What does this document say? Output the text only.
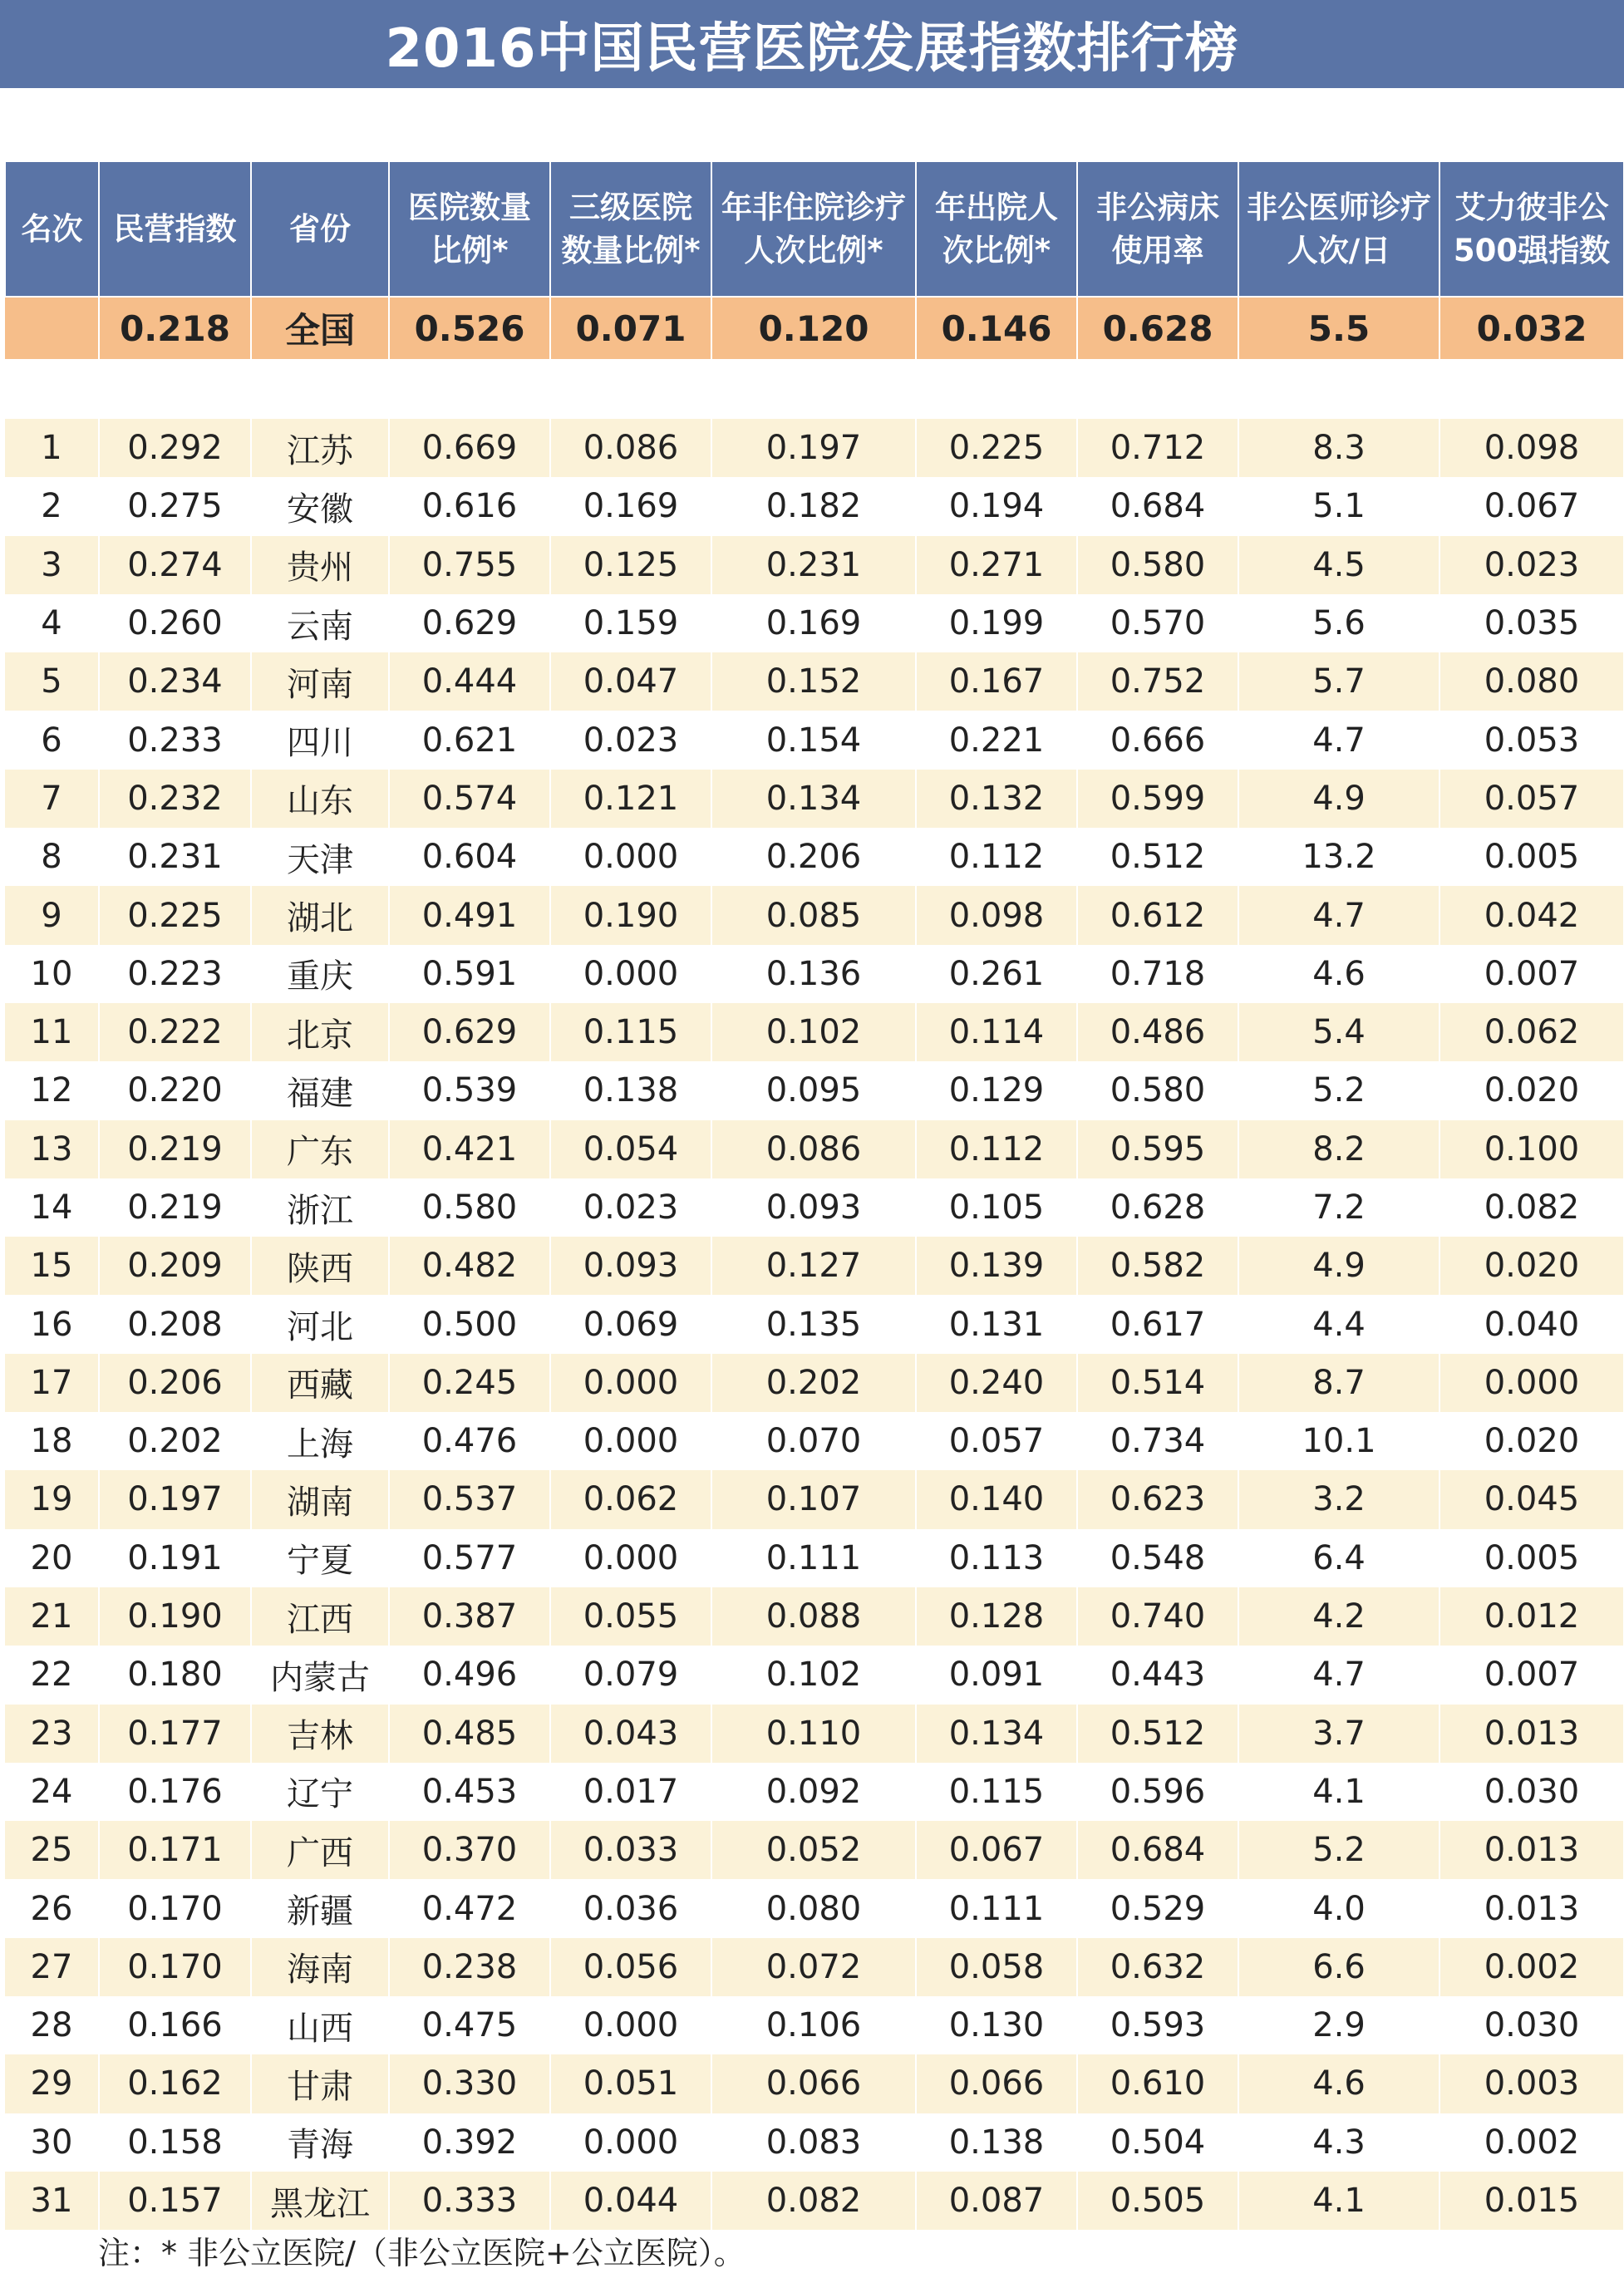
2016中国民营医院发展指数排行榜
名次	民营指数	省份	医院数量比例*	三级医院数量比例*	年非住院诊疗人次比例*	年出院人次比例*	非公病床使用率	非公医师诊疗人次/日	艾力彼非公500强指数
	0.218	全国	0.526	0.071	0.120	0.146	0.628	5.5	0.032

1	0.292	江苏	0.669	0.086	0.197	0.225	0.712	8.3	0.098
2	0.275	安徽	0.616	0.169	0.182	0.194	0.684	5.1	0.067
3	0.274	贵州	0.755	0.125	0.231	0.271	0.580	4.5	0.023
4	0.260	云南	0.629	0.159	0.169	0.199	0.570	5.6	0.035
5	0.234	河南	0.444	0.047	0.152	0.167	0.752	5.7	0.080
6	0.233	四川	0.621	0.023	0.154	0.221	0.666	4.7	0.053
7	0.232	山东	0.574	0.121	0.134	0.132	0.599	4.9	0.057
8	0.231	天津	0.604	0.000	0.206	0.112	0.512	13.2	0.005
9	0.225	湖北	0.491	0.190	0.085	0.098	0.612	4.7	0.042
10	0.223	重庆	0.591	0.000	0.136	0.261	0.718	4.6	0.007
11	0.222	北京	0.629	0.115	0.102	0.114	0.486	5.4	0.062
12	0.220	福建	0.539	0.138	0.095	0.129	0.580	5.2	0.020
13	0.219	广东	0.421	0.054	0.086	0.112	0.595	8.2	0.100
14	0.219	浙江	0.580	0.023	0.093	0.105	0.628	7.2	0.082
15	0.209	陕西	0.482	0.093	0.127	0.139	0.582	4.9	0.020
16	0.208	河北	0.500	0.069	0.135	0.131	0.617	4.4	0.040
17	0.206	西藏	0.245	0.000	0.202	0.240	0.514	8.7	0.000
18	0.202	上海	0.476	0.000	0.070	0.057	0.734	10.1	0.020
19	0.197	湖南	0.537	0.062	0.107	0.140	0.623	3.2	0.045
20	0.191	宁夏	0.577	0.000	0.111	0.113	0.548	6.4	0.005
21	0.190	江西	0.387	0.055	0.088	0.128	0.740	4.2	0.012
22	0.180	内蒙古	0.496	0.079	0.102	0.091	0.443	4.7	0.007
23	0.177	吉林	0.485	0.043	0.110	0.134	0.512	3.7	0.013
24	0.176	辽宁	0.453	0.017	0.092	0.115	0.596	4.1	0.030
25	0.171	广西	0.370	0.033	0.052	0.067	0.684	5.2	0.013
26	0.170	新疆	0.472	0.036	0.080	0.111	0.529	4.0	0.013
27	0.170	海南	0.238	0.056	0.072	0.058	0.632	6.6	0.002
28	0.166	山西	0.475	0.000	0.106	0.130	0.593	2.9	0.030
29	0.162	甘肃	0.330	0.051	0.066	0.066	0.610	4.6	0.003
30	0.158	青海	0.392	0.000	0.083	0.138	0.504	4.3	0.002
31	0.157	黑龙江	0.333	0.044	0.082	0.087	0.505	4.1	0.015
注：* 非公立医院/（非公立医院+公立医院）。
